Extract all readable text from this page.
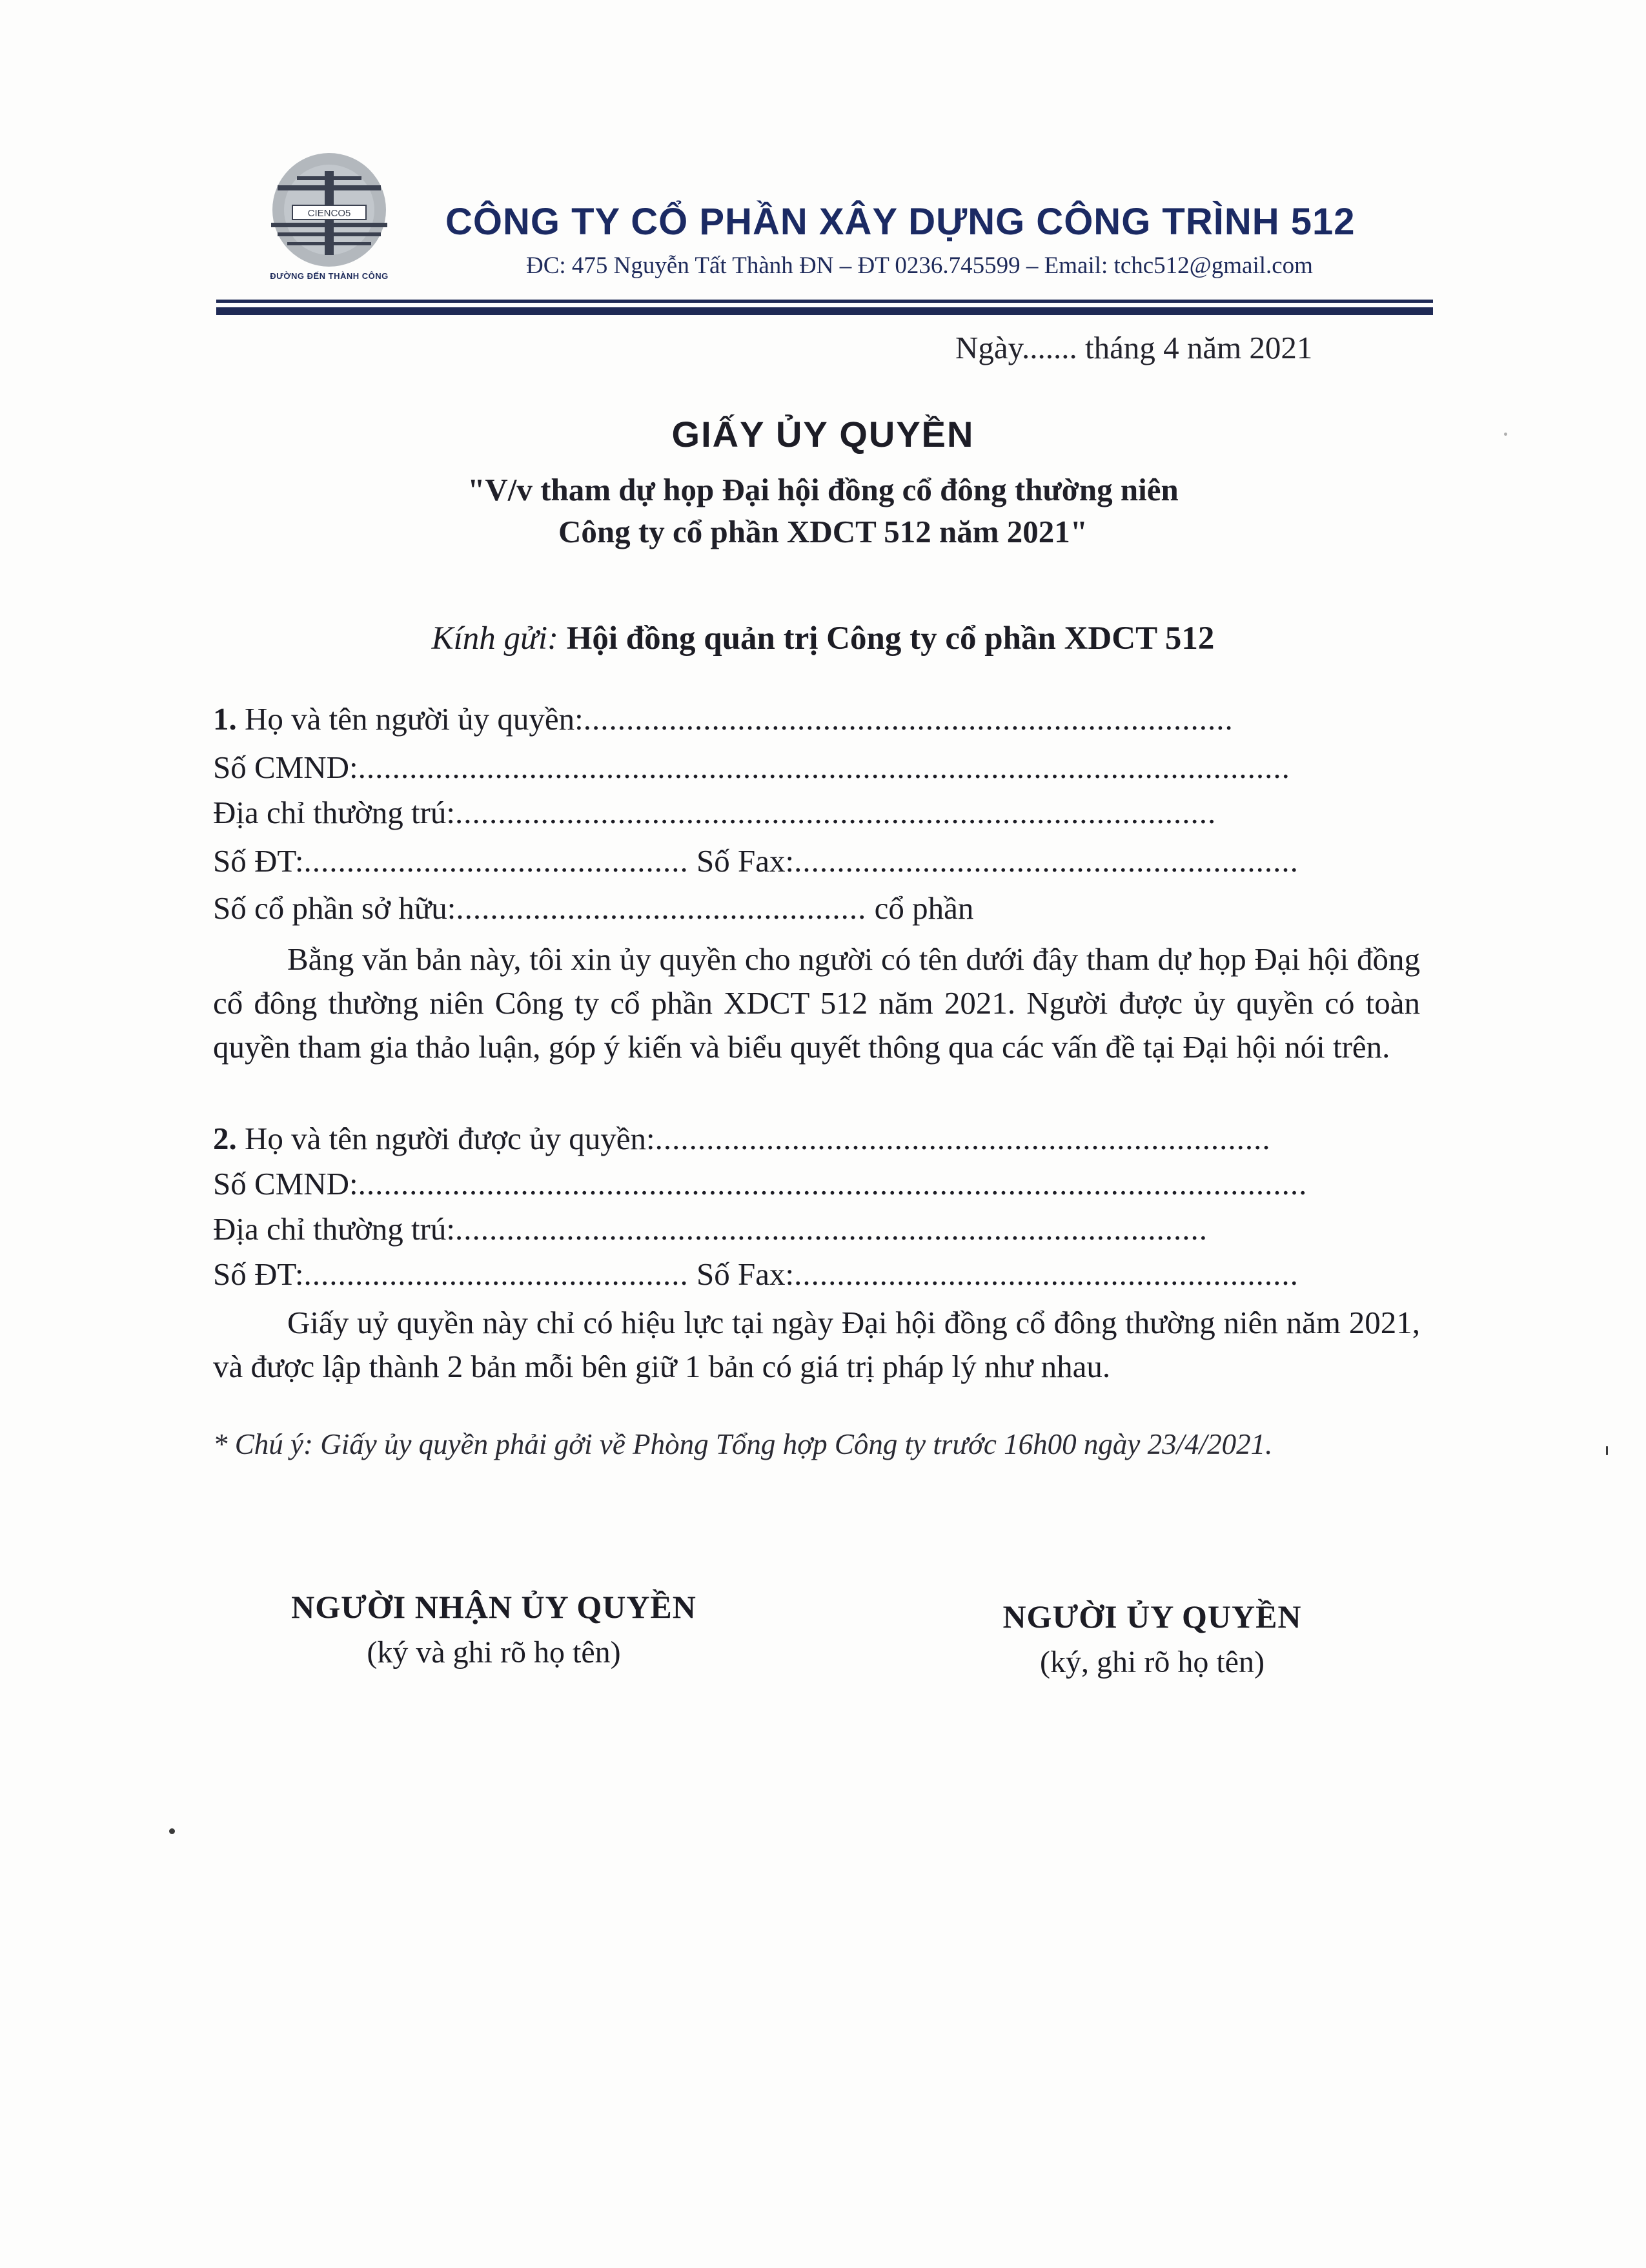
CIENCO5
ĐƯỜNG ĐẾN THÀNH CÔNG
CÔNG TY CỔ PHẦN XÂY DỰNG CÔNG TRÌNH 512
ĐC: 475 Nguyễn Tất Thành ĐN – ĐT 0236.745599 – Email: tchc512@gmail.com
Ngày....... tháng 4 năm 2021
GIẤY ỦY QUYỀN
"V/v tham dự họp Đại hội đồng cổ đông thường niên
Công ty cổ phần XDCT 512 năm 2021"
Kính gửi: Hội đồng quản trị Công ty cổ phần XDCT 512
1. Họ và tên người ủy quyền:............................................................................
Số CMND:.............................................................................................................
Địa chỉ thường trú:.........................................................................................
Số ĐT:............................................. Số Fax:...........................................................
Số cổ phần sở hữu:................................................ cổ phần
Bằng văn bản này, tôi xin ủy quyền cho người có tên dưới đây tham dự họp Đại hội đồng cổ đông thường niên Công ty cổ phần XDCT 512 năm 2021. Người được ủy quyền có toàn quyền tham gia thảo luận, góp ý kiến và biểu quyết thông qua các vấn đề tại Đại hội nói trên.
2. Họ và tên người được ủy quyền:........................................................................
Số CMND:...............................................................................................................
Địa chỉ thường trú:........................................................................................
Số ĐT:............................................. Số Fax:...........................................................
Giấy uỷ quyền này chỉ có hiệu lực tại ngày Đại hội đồng cổ đông thường niên năm 2021, và được lập thành 2 bản mỗi bên giữ 1 bản có giá trị pháp lý như nhau.
* Chú ý: Giấy ủy quyền phải gởi về Phòng Tổng hợp Công ty trước 16h00 ngày 23/4/2021.
NGƯỜI NHẬN ỦY QUYỀN
(ký và ghi rõ họ tên)
NGƯỜI ỦY QUYỀN
(ký, ghi rõ họ tên)
